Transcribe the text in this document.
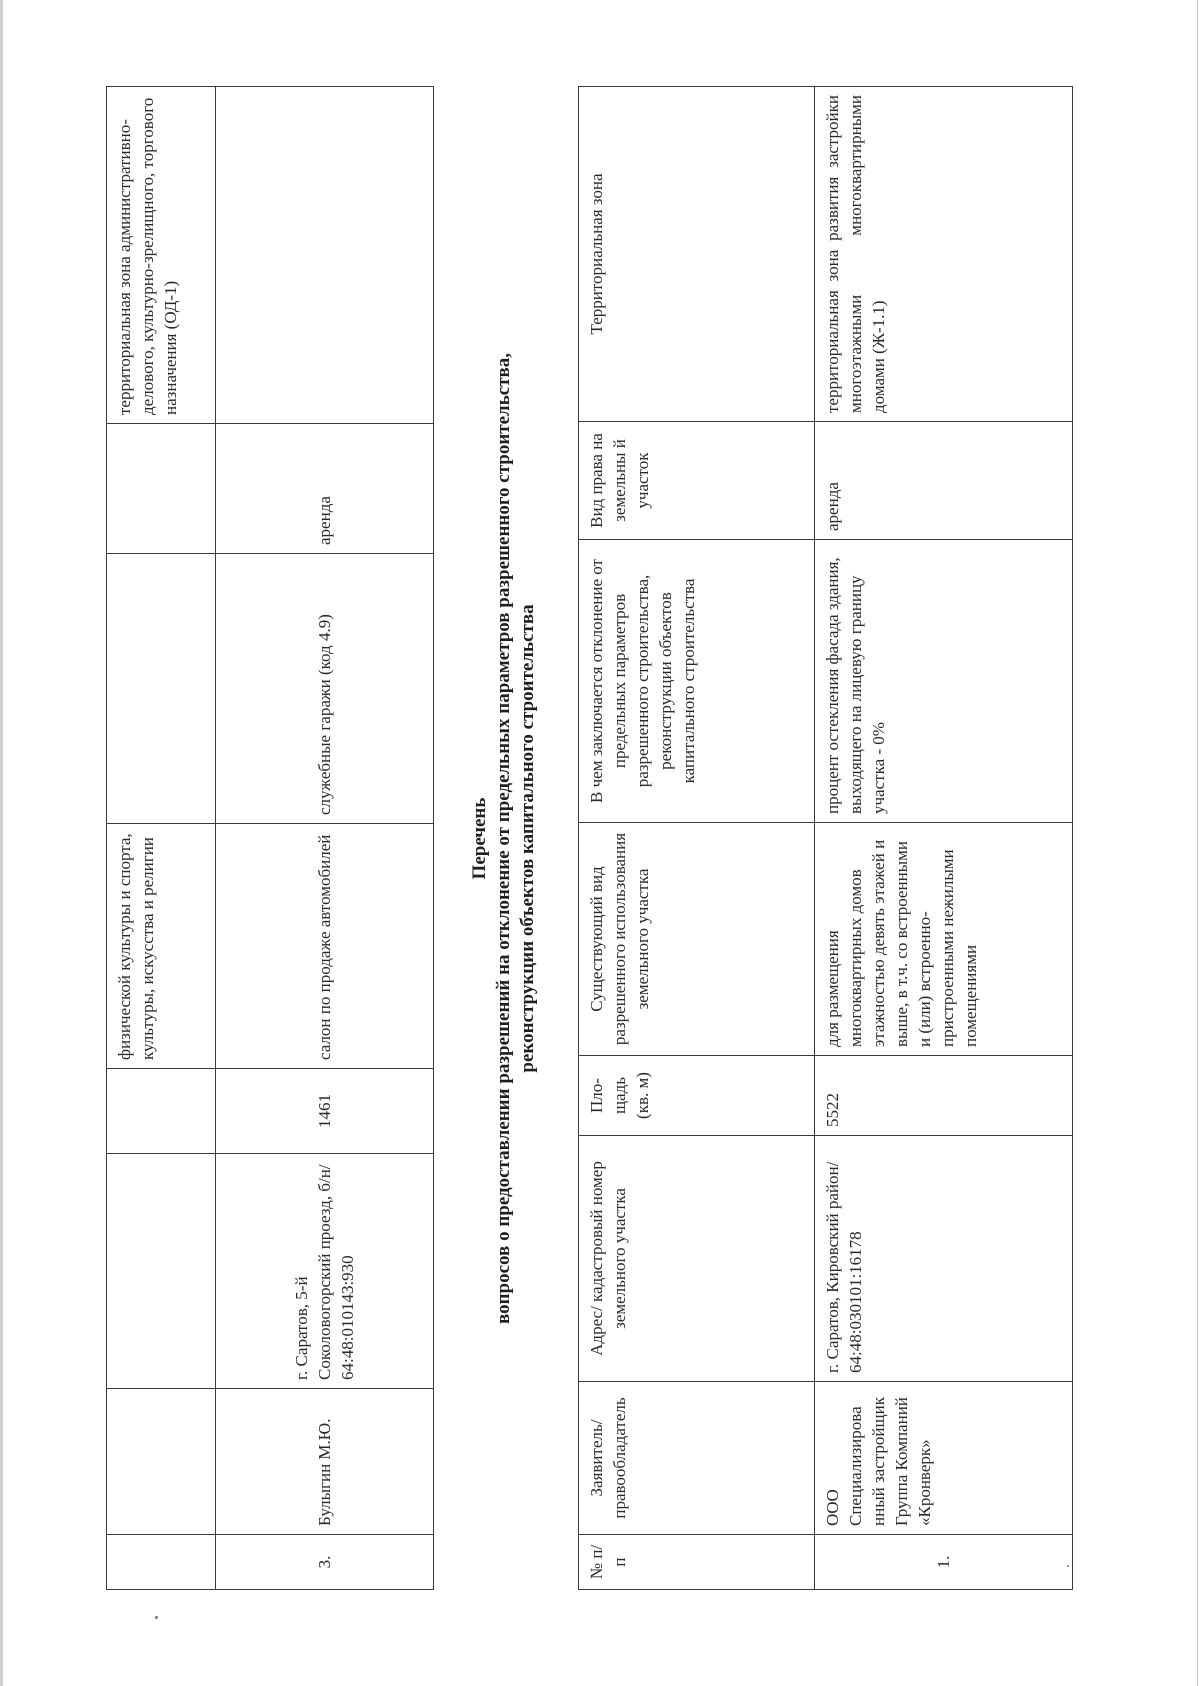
				физической культуры и спорта, культуры, искусства и религии			территориальная зона административно-делового, культурно-зрелищного, торгового назначения (ОД-1)
3.	Булыгин М.Ю.	г. Саратов, 5-й Соколовогорский проезд, б/н/ 64:48:010143:930	1461	салон по продаже автомобилей	служебные гаражи (код 4.9)	аренда	
Перечень вопросов о предоставлении разрешений на отклонение от предельных параметров разрешенного строительства, реконструкции объектов капитального строительства
№ п/п	Заявитель/ правообладатель	Адрес/ кадастровый номер земельного участка	Пло-щадь (кв. м)	Существующий вид разрешенного использования земельного участка	В чем заключается отклонение от предельных параметров разрешенного строительства, реконструкции объектов капитального строительства	Вид права на земельны й участок	Территориальная зона
1.	ООО Специализирова нный застройщик Группа Компаний «Кронверк»	г. Саратов, Кировский район/ 64:48:030101:16178	5522	для размещения многоквартирных домов этажностью девять этажей и выше, в т.ч. со встроенными и (или) встроенно-пристроенными нежилыми помещениями	процент остекления фасада здания, выходящего на лицевую границу участка - 0%	аренда	территориальная зона развития застройки многоэтажными многоквартирными домами (Ж-1.1)
